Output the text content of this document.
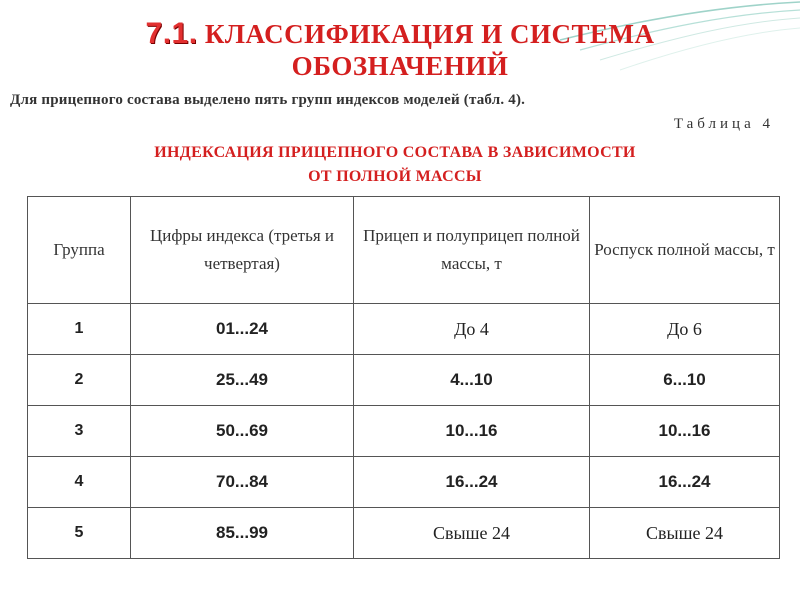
7.1. КЛАССИФИКАЦИЯ И СИСТЕМА
ОБОЗНАЧЕНИЙ
Для прицепного состава выделено пять групп индексов моделей (табл. 4).
Таблица 4
ИНДЕКСАЦИЯ ПРИЦЕПНОГО СОСТАВА В ЗАВИСИМОСТИ
ОТ ПОЛНОЙ МАССЫ
Группа	Цифры индекса (третья и четвертая)	Прицеп и полуприцеп полной массы, т	Роспуск полной массы, т
1	01...24	До 4	До 6
2	25...49	4...10	6...10
3	50...69	10...16	10...16
4	70...84	16...24	16...24
5	85...99	Свыше 24	Свыше 24
